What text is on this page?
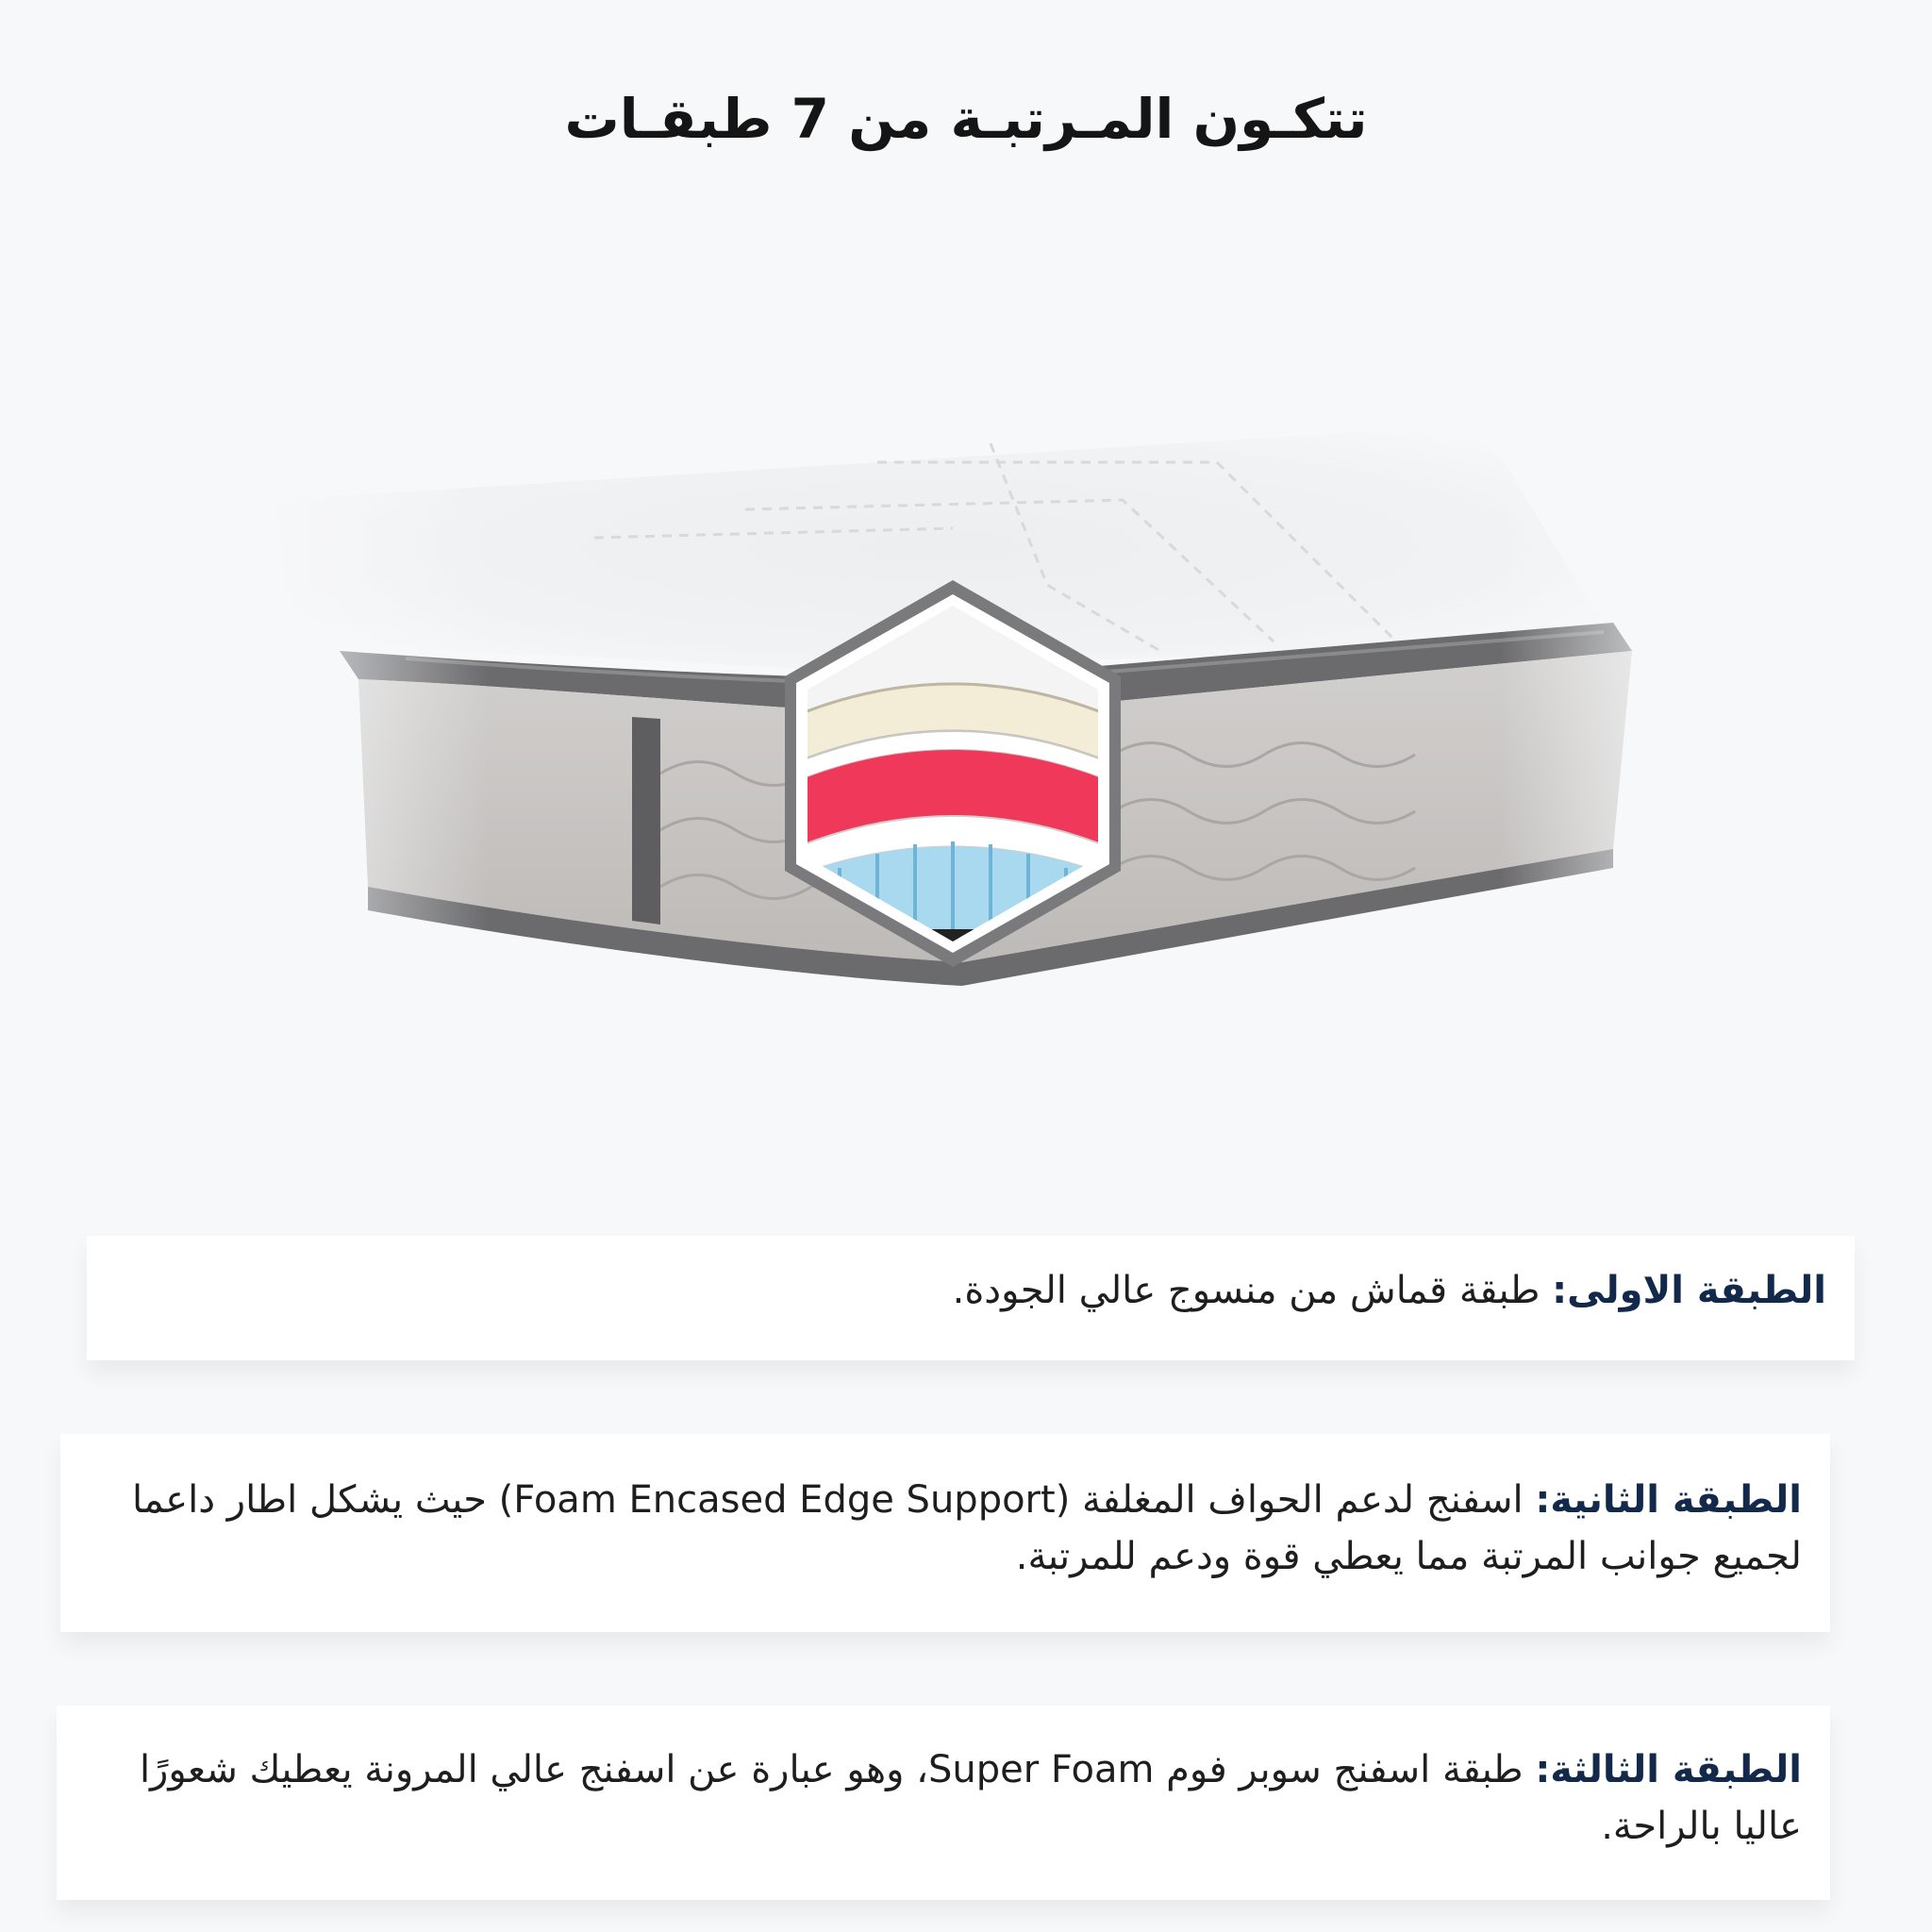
تتكـون المـرتبـة من 7 طبقـات
الطبقة الاولى: طبقة قماش من منسوج عالي الجودة.
الطبقة الثانية: اسفنج لدعم الحواف المغلفة (Foam Encased Edge Support) حيث يشكل اطار داعما لجميع جوانب المرتبة مما يعطي قوة ودعم للمرتبة.
الطبقة الثالثة: طبقة اسفنج سوبر فوم Super Foam، وهو عبارة عن اسفنج عالي المرونة يعطيك شعورًا عاليا بالراحة.
